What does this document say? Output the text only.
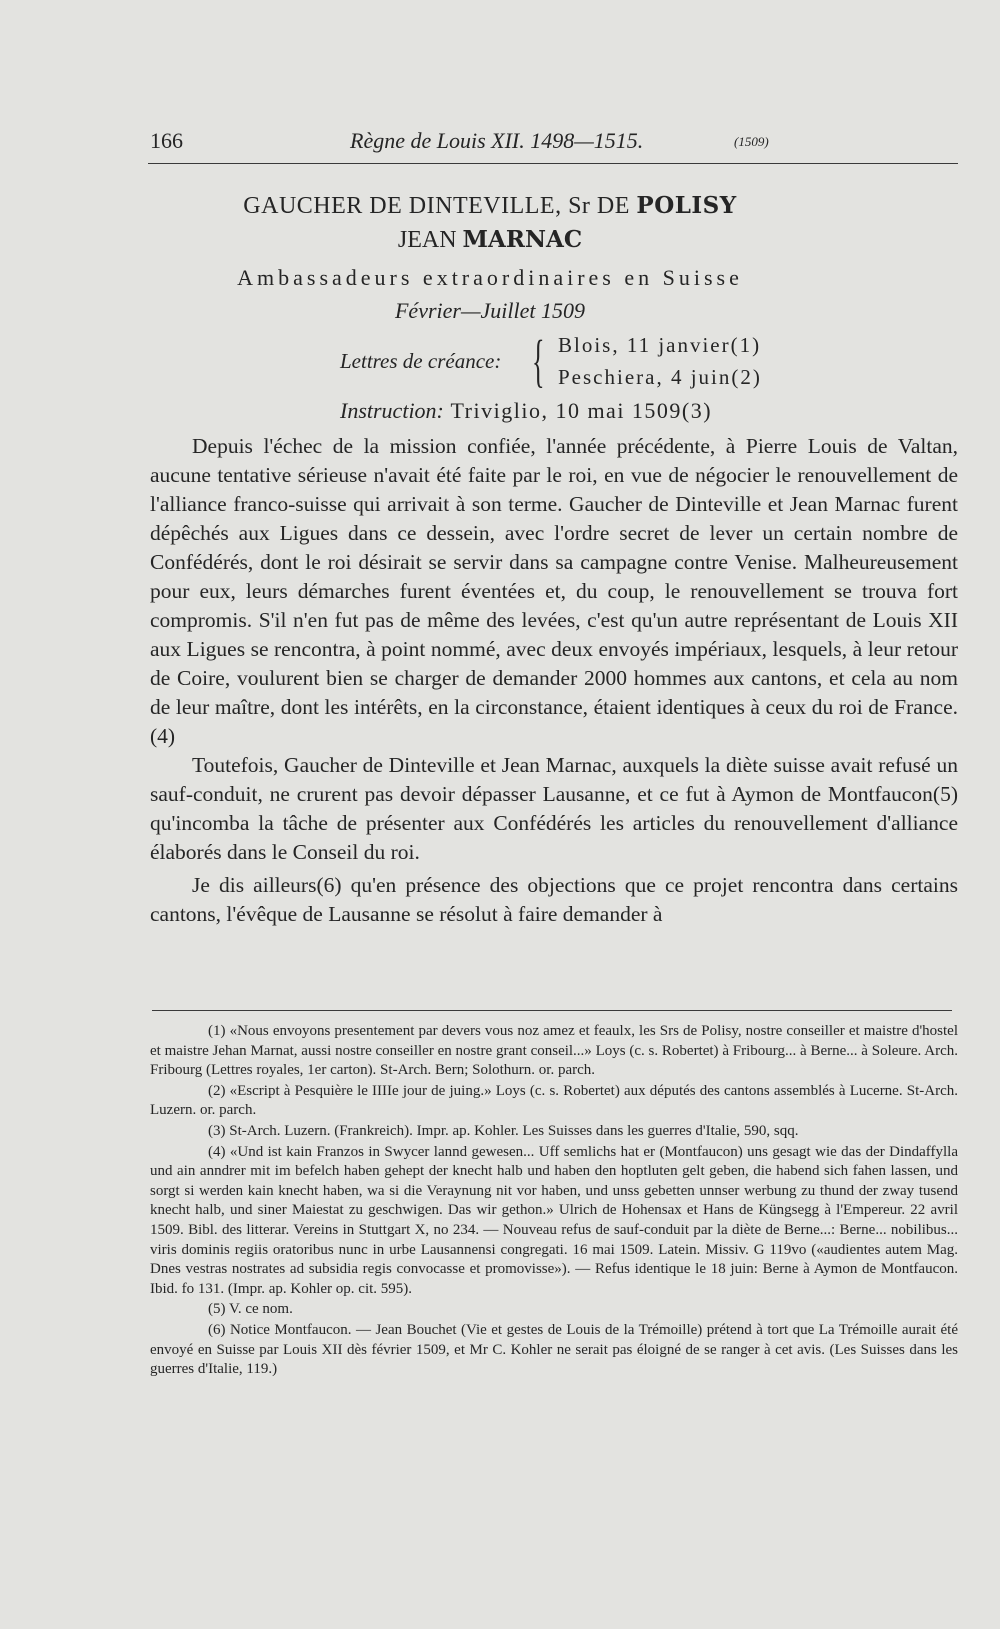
166	Règne de Louis XII. 1498—1515.	(1509)
GAUCHER DE DINTEVILLE, Sr DE POLISY
JEAN MARNAC
Ambassadeurs extraordinaires en Suisse
Février—Juillet 1509
Lettres de créance: { Blois, 11 janvier(1)
Peschiera, 4 juin(2)
Instruction: Triviglio, 10 mai 1509(3)

Depuis l'échec de la mission confiée, l'année précédente, à Pierre Louis de Valtan, aucune tentative sérieuse n'avait été faite par le roi, en vue de négocier le renouvellement de l'alliance franco-suisse qui arrivait à son terme. Gaucher de Dinteville et Jean Marnac furent dépêchés aux Ligues dans ce dessein, avec l'ordre secret de lever un certain nombre de Confédérés, dont le roi désirait se servir dans sa campagne contre Venise. Malheureusement pour eux, leurs démarches furent éventées et, du coup, le renouvellement se trouva fort compromis. S'il n'en fut pas de même des levées, c'est qu'un autre représentant de Louis XII aux Ligues se rencontra, à point nommé, avec deux envoyés impériaux, lesquels, à leur retour de Coire, voulurent bien se charger de demander 2000 hommes aux cantons, et cela au nom de leur maître, dont les intérêts, en la circonstance, étaient identiques à ceux du roi de France.(4)

Toutefois, Gaucher de Dinteville et Jean Marnac, auxquels la diète suisse avait refusé un sauf-conduit, ne crurent pas devoir dépasser Lausanne, et ce fut à Aymon de Montfaucon(5) qu'incomba la tâche de présenter aux Confédérés les articles du renouvellement d'alliance élaborés dans le Conseil du roi.

Je dis ailleurs(6) qu'en présence des objections que ce projet rencontra dans certains cantons, l'évêque de Lausanne se résolut à faire demander à

(1) «Nous envoyons presentement par devers vous noz amez et feaulx, les Srs de Polisy, nostre conseiller et maistre d'hostel et maistre Jehan Marnat, aussi nostre conseiller en nostre grant conseil...» Loys (c. s. Robertet) à Fribourg... à Berne... à Soleure. Arch. Fribourg (Lettres royales, 1er carton). St-Arch. Bern; Solothurn. or. parch.

(2) «Escript à Pesquière le IIIIe jour de juing.» Loys (c. s. Robertet) aux députés des cantons assemblés à Lucerne. St-Arch. Luzern. or. parch.

(3) St-Arch. Luzern. (Frankreich). Impr. ap. Kohler. Les Suisses dans les guerres d'Italie, 590, sqq.

(4) «Und ist kain Franzos in Swycer lannd gewesen... Uff semlichs hat er (Montfaucon) uns gesagt wie das der Dindaffylla und ain anndrer mit im befelch haben gehept der knecht halb und haben den hoptluten gelt geben, die habend sich fahen lassen, und sorgt si werden kain knecht haben, wa si die Veraynung nit vor haben, und unss gebetten unnser werbung zu thund der zway tusend knecht halb, und siner Maiestat zu geschwigen. Das wir gethon.» Ulrich de Hohensax et Hans de Küngsegg à l'Empereur. 22 avril 1509. Bibl. des litterar. Vereins in Stuttgart X, no 234. — Nouveau refus de sauf-conduit par la diète de Berne...: Berne... nobilibus... viris dominis regiis oratoribus nunc in urbe Lausannensi congregati. 16 mai 1509. Latein. Missiv. G 119vo («audientes autem Mag. Dnes vestras nostrates ad subsidia regis convocasse et promovisse»). — Refus identique le 18 juin: Berne à Aymon de Montfaucon. Ibid. fo 131. (Impr. ap. Kohler op. cit. 595).

(5) V. ce nom.

(6) Notice Montfaucon. — Jean Bouchet (Vie et gestes de Louis de la Trémoille) prétend à tort que La Trémoille aurait été envoyé en Suisse par Louis XII dès février 1509, et Mr C. Kohler ne serait pas éloigné de se ranger à cet avis. (Les Suisses dans les guerres d'Italie, 119.)
